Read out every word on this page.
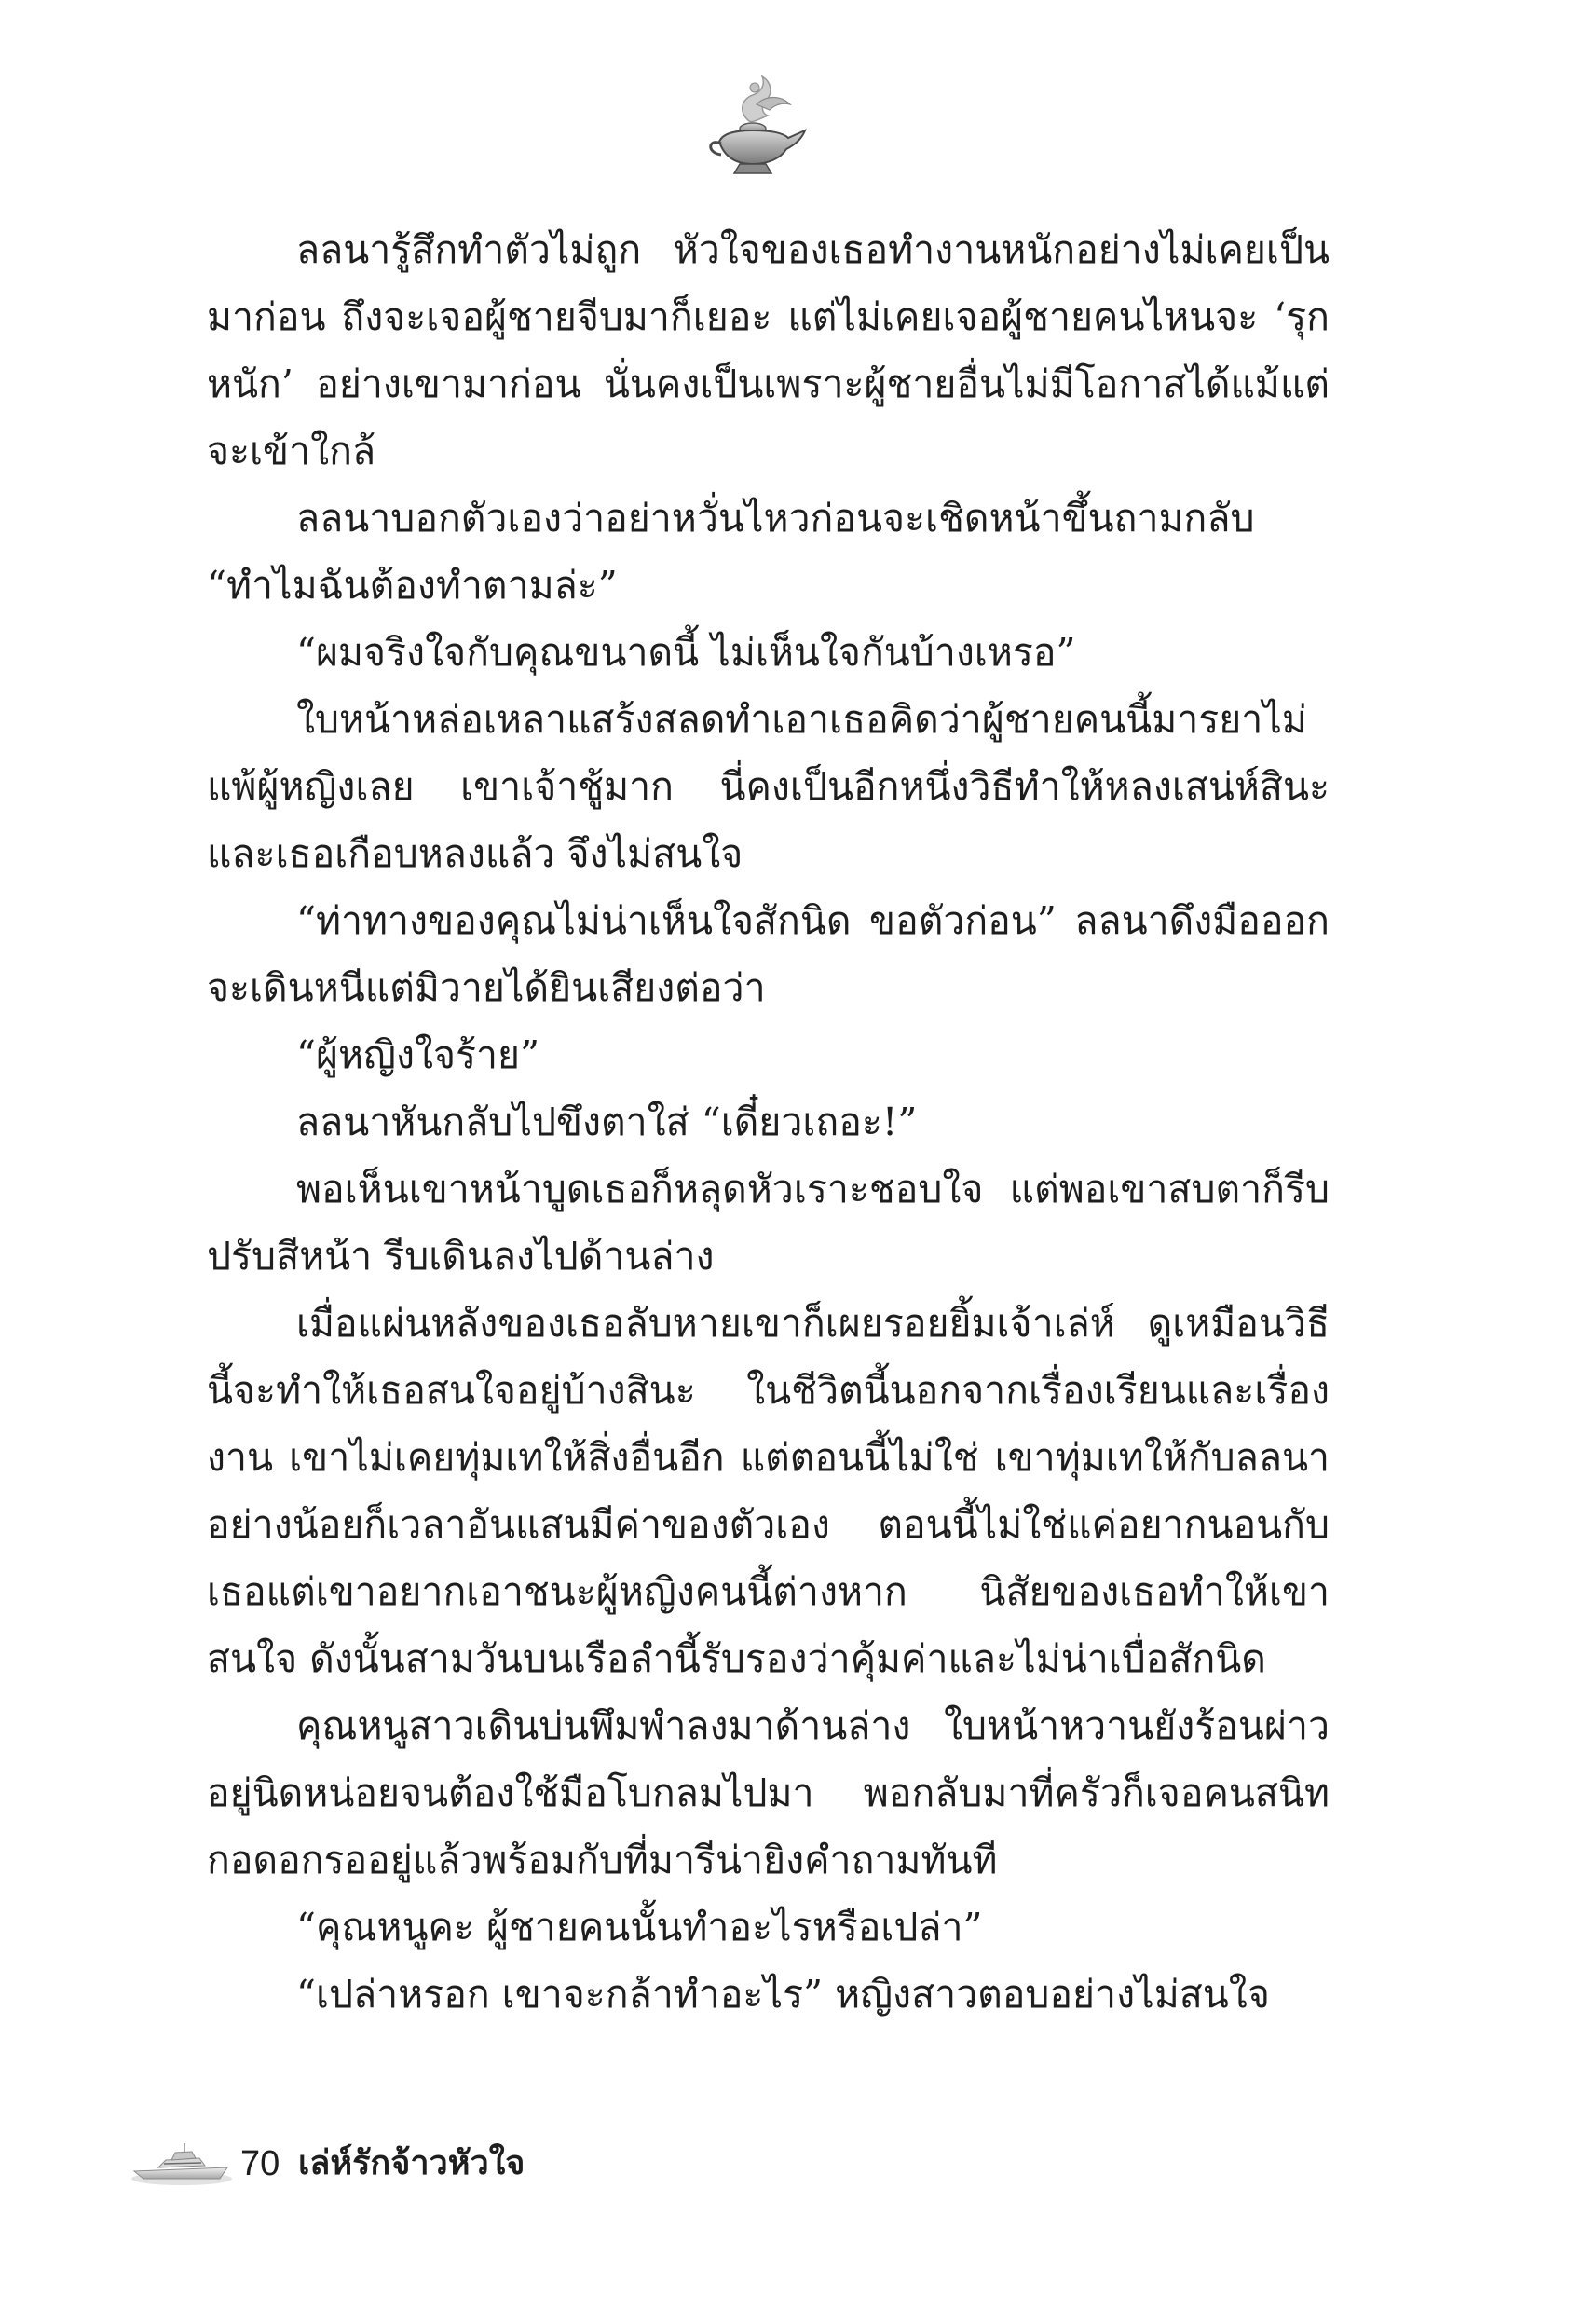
ลลนารู้สึกทำตัวไม่ถูก หัวใจของเธอทำงานหนักอย่างไม่เคยเป็นมาก่อน ถึงจะเจอผู้ชายจีบมาก็เยอะ แต่ไม่เคยเจอผู้ชายคนไหนจะ ‘รุกหนัก’ อย่างเขามาก่อน นั่นคงเป็นเพราะผู้ชายอื่นไม่มีโอกาสได้แม้แต่จะเข้าใกล้

ลลนาบอกตัวเองว่าอย่าหวั่นไหวก่อนจะเชิดหน้าขึ้นถามกลับ

“ทำไมฉันต้องทำตามล่ะ”

“ผมจริงใจกับคุณขนาดนี้ ไม่เห็นใจกันบ้างเหรอ”

ใบหน้าหล่อเหลาแสร้งสลดทำเอาเธอคิดว่าผู้ชายคนนี้มารยาไม่แพ้ผู้หญิงเลย เขาเจ้าชู้มาก นี่คงเป็นอีกหนึ่งวิธีทำให้หลงเสน่ห์สินะ และเธอเกือบหลงแล้ว จึงไม่สนใจ

“ท่าทางของคุณไม่น่าเห็นใจสักนิด ขอตัวก่อน” ลลนาดึงมือออกจะเดินหนีแต่มิวายได้ยินเสียงต่อว่า

“ผู้หญิงใจร้าย”

ลลนาหันกลับไปขึงตาใส่ “เดี๋ยวเถอะ!”

พอเห็นเขาหน้าบูดเธอก็หลุดหัวเราะชอบใจ แต่พอเขาสบตาก็รีบปรับสีหน้า รีบเดินลงไปด้านล่าง

เมื่อแผ่นหลังของเธอลับหายเขาก็เผยรอยยิ้มเจ้าเล่ห์ ดูเหมือนวิธีนี้จะทำให้เธอสนใจอยู่บ้างสินะ ในชีวิตนี้นอกจากเรื่องเรียนและเรื่องงาน เขาไม่เคยทุ่มเทให้สิ่งอื่นอีก แต่ตอนนี้ไม่ใช่ เขาทุ่มเทให้กับลลนาอย่างน้อยก็เวลาอันแสนมีค่าของตัวเอง ตอนนี้ไม่ใช่แค่อยากนอนกับเธอแต่เขาอยากเอาชนะผู้หญิงคนนี้ต่างหาก นิสัยของเธอทำให้เขาสนใจ ดังนั้นสามวันบนเรือลำนี้รับรองว่าคุ้มค่าและไม่น่าเบื่อสักนิด

คุณหนูสาวเดินบ่นพึมพำลงมาด้านล่าง ใบหน้าหวานยังร้อนผ่าวอยู่นิดหน่อยจนต้องใช้มือโบกลมไปมา พอกลับมาที่ครัวก็เจอคนสนิทกอดอกรออยู่แล้วพร้อมกับที่มารีน่ายิงคำถามทันที

“คุณหนูคะ ผู้ชายคนนั้นทำอะไรหรือเปล่า”

“เปล่าหรอก เขาจะกล้าทำอะไร” หญิงสาวตอบอย่างไม่สนใจ

70 เล่ห์รักจ้าวหัวใจ
